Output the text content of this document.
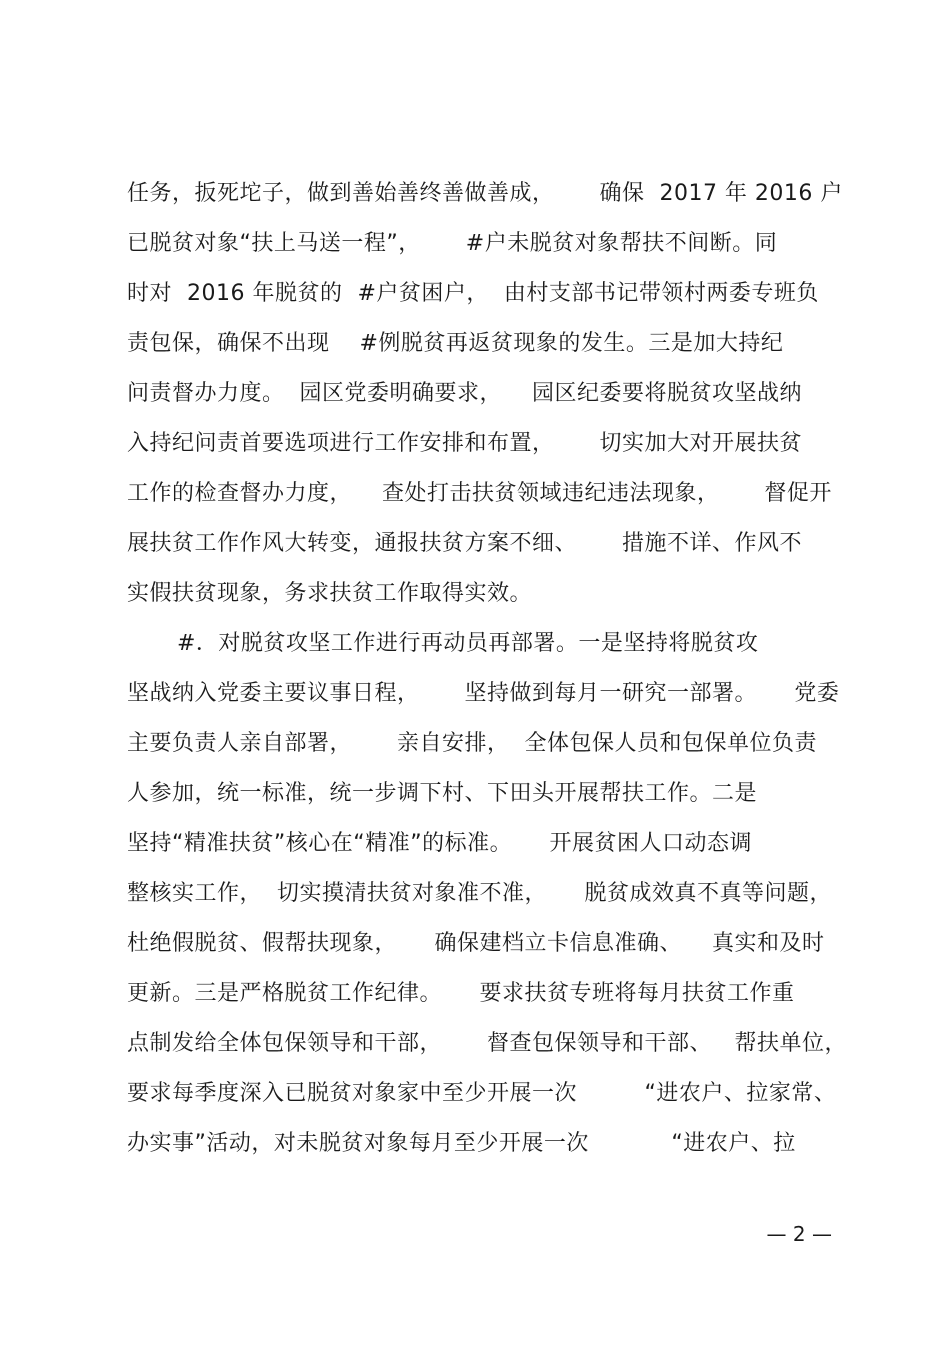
任务，扳死坨子，做到善始善终善做善成，      确保  2017 年 2016 户
已脱贫对象“扶上马送一程”，      #户未脱贫对象帮扶不间断。同
时对  2016 年脱贫的  #户贫困户，  由村支部书记带领村两委专班负
责包保，确保不出现    #例脱贫再返贫现象的发生。三是加大持纪
问责督办力度。  园区党委明确要求，    园区纪委要将脱贫攻坚战纳
入持纪问责首要选项进行工作安排和布置，      切实加大对开展扶贫
工作的检查督办力度，    查处打击扶贫领域违纪违法现象，      督促开
展扶贫工作作风大转变，通报扶贫方案不细、      措施不详、作风不
实假扶贫现象，务求扶贫工作取得实效。
#．对脱贫攻坚工作进行再动员再部署。一是坚持将脱贫攻
坚战纳入党委主要议事日程，      坚持做到每月一研究一部署。     党委
主要负责人亲自部署，      亲自安排，  全体包保人员和包保单位负责
人参加，统一标准，统一步调下村、下田头开展帮扶工作。二是
坚持“精准扶贫”核心在“精准”的标准。     开展贫困人口动态调
整核实工作，  切实摸清扶贫对象准不准，     脱贫成效真不真等问题，
杜绝假脱贫、假帮扶现象，     确保建档立卡信息准确、    真实和及时
更新。三是严格脱贫工作纪律。     要求扶贫专班将每月扶贫工作重
点制发给全体包保领导和干部，      督查包保领导和干部、   帮扶单位，
要求每季度深入已脱贫对象家中至少开展一次         “进农户、拉家常、
办实事”活动，对未脱贫对象每月至少开展一次           “进农户、拉
— 2 —
